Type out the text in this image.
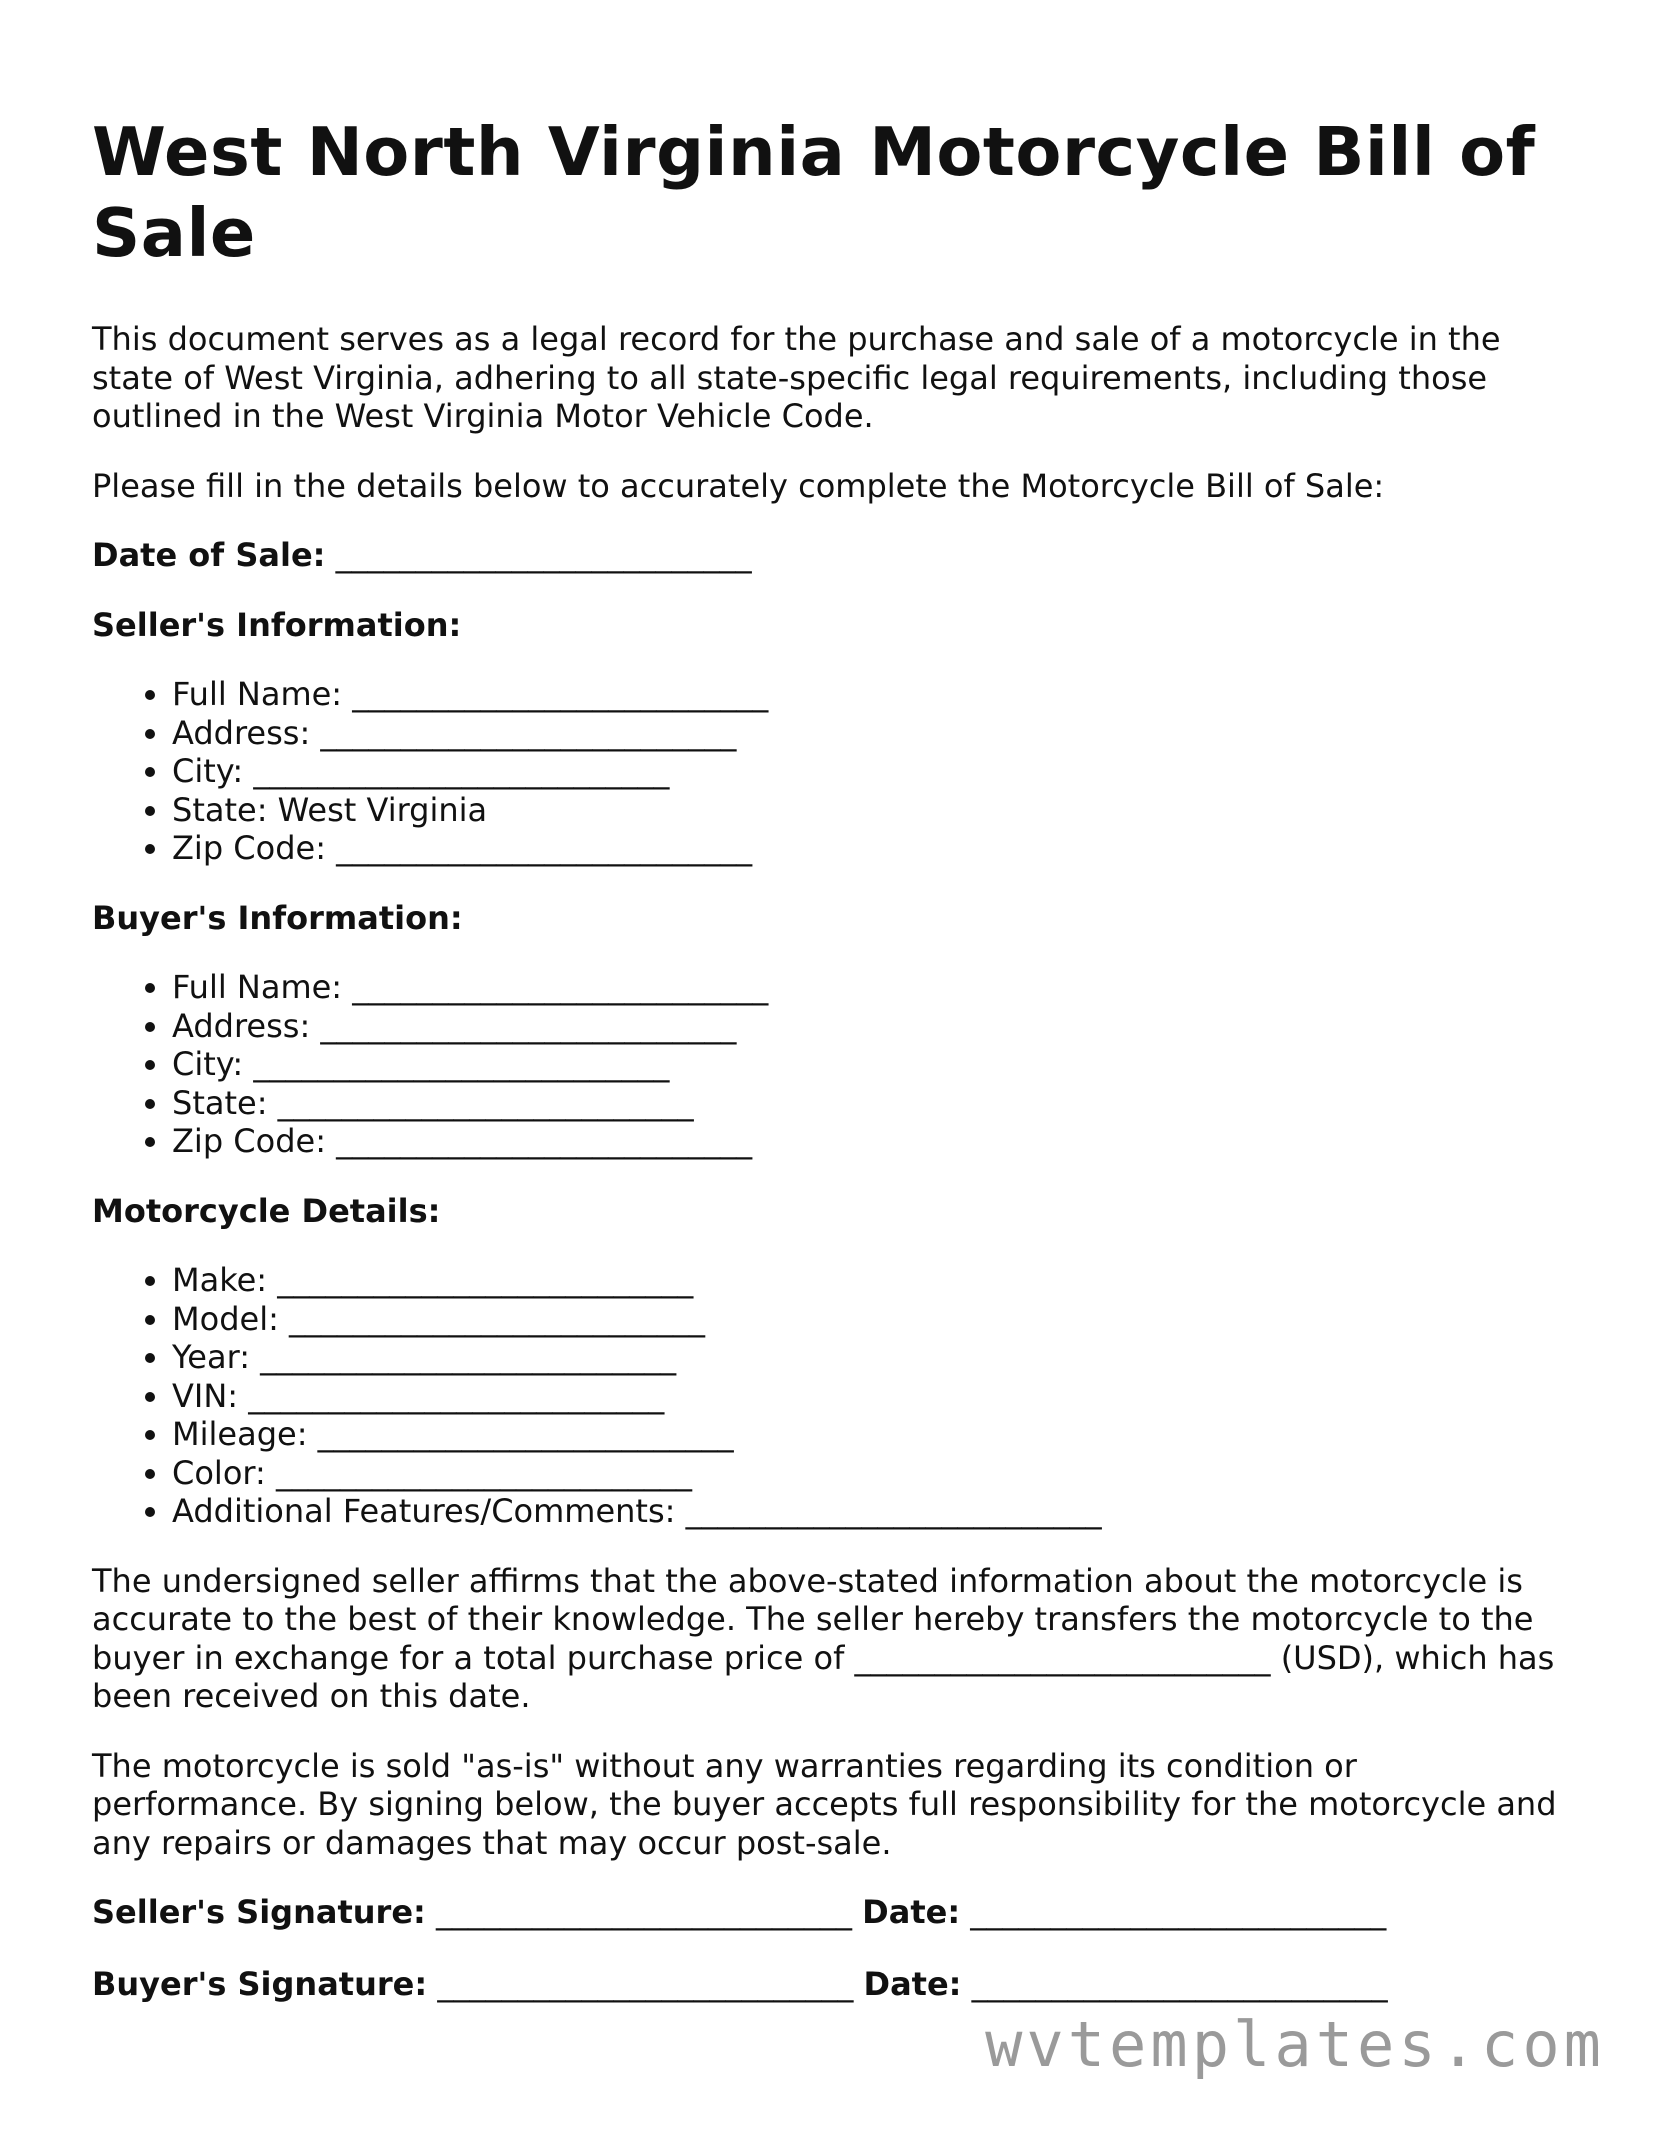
West North Virginia Motorcycle Bill of Sale

This document serves as a legal record for the purchase and sale of a motorcycle in the state of West Virginia, adhering to all state-specific legal requirements, including those outlined in the West Virginia Motor Vehicle Code.

Please fill in the details below to accurately complete the Motorcycle Bill of Sale:

Date of Sale: __________________________
Seller's Information:
• Full Name: __________________________
• Address: __________________________
• City: __________________________
• State: West Virginia
• Zip Code: __________________________
Buyer's Information:
• Full Name: __________________________
• Address: __________________________
• City: __________________________
• State: __________________________
• Zip Code: __________________________
Motorcycle Details:
• Make: __________________________
• Model: __________________________
• Year: __________________________
• VIN: __________________________
• Mileage: __________________________
• Color: __________________________
• Additional Features/Comments: __________________________

The undersigned seller affirms that the above-stated information about the motorcycle is accurate to the best of their knowledge. The seller hereby transfers the motorcycle to the buyer in exchange for a total purchase price of __________________________ (USD), which has been received on this date.

The motorcycle is sold "as-is" without any warranties regarding its condition or performance. By signing below, the buyer accepts full responsibility for the motorcycle and any repairs or damages that may occur post-sale.

Seller's Signature: __________________________ Date: __________________________
Buyer's Signature: __________________________ Date: __________________________
wvtemplates.com
